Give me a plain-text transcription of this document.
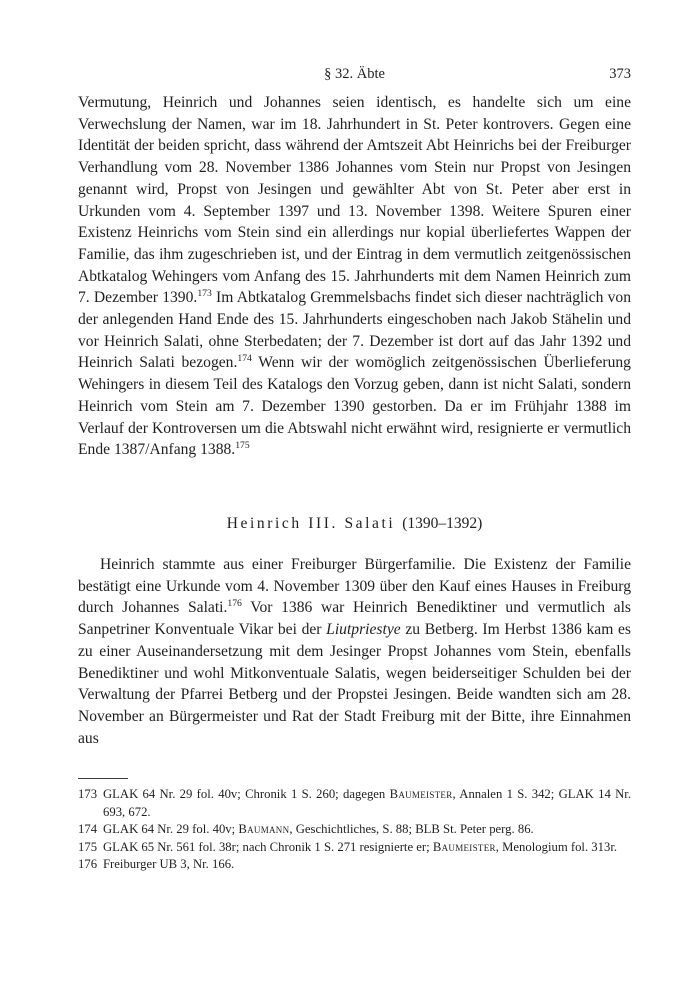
§ 32. Äbte	373

Vermutung, Heinrich und Johannes seien identisch, es handelte sich um eine Verwechslung der Namen, war im 18. Jahrhundert in St. Peter kontrovers. Gegen eine Identität der beiden spricht, dass während der Amtszeit Abt Heinrichs bei der Freiburger Verhandlung vom 28. November 1386 Johannes vom Stein nur Propst von Jesingen genannt wird, Propst von Jesingen und gewählter Abt von St. Peter aber erst in Urkunden vom 4. September 1397 und 13. November 1398. Weitere Spuren einer Existenz Heinrichs vom Stein sind ein allerdings nur kopial überliefertes Wappen der Familie, das ihm zugeschrieben ist, und der Eintrag in dem vermutlich zeitgenössischen Abtkatalog Wehingers vom Anfang des 15. Jahrhunderts mit dem Namen Heinrich zum 7. Dezember 1390.$^{173}$ Im Abtkatalog Gremmelsbachs findet sich dieser nachträglich von der anlegenden Hand Ende des 15. Jahrhunderts eingeschoben nach Jakob Stähelin und vor Heinrich Salati, ohne Sterbedaten; der 7. Dezember ist dort auf das Jahr 1392 und Heinrich Salati bezogen.$^{174}$ Wenn wir der womöglich zeitgenössischen Überlieferung Wehingers in diesem Teil des Katalogs den Vorzug geben, dann ist nicht Salati, sondern Heinrich vom Stein am 7. Dezember 1390 gestorben. Da er im Frühjahr 1388 im Verlauf der Kontroversen um die Abtswahl nicht erwähnt wird, resignierte er vermutlich Ende 1387/Anfang 1388.$^{175}$

Heinrich III. Salati (1390–1392)

Heinrich stammte aus einer Freiburger Bürgerfamilie. Die Existenz der Familie bestätigt eine Urkunde vom 4. November 1309 über den Kauf eines Hauses in Freiburg durch Johannes Salati.$^{176}$ Vor 1386 war Heinrich Benediktiner und vermutlich als Sanpetriner Konventuale Vikar bei der Liutpriestye zu Betberg. Im Herbst 1386 kam es zu einer Auseinandersetzung mit dem Jesinger Propst Johannes vom Stein, ebenfalls Benediktiner und wohl Mitkonventuale Salatis, wegen beiderseitiger Schulden bei der Verwaltung der Pfarrei Betberg und der Propstei Jesingen. Beide wandten sich am 28. November an Bürgermeister und Rat der Stadt Freiburg mit der Bitte, ihre Einnahmen aus

173 GLAK 64 Nr. 29 fol. 40v; Chronik 1 S. 260; dagegen Baumeister, Annalen 1 S. 342; GLAK 14 Nr. 693, 672.
174 GLAK 64 Nr. 29 fol. 40v; Baumann, Geschichtliches, S. 88; BLB St. Peter perg. 86.
175 GLAK 65 Nr. 561 fol. 38r; nach Chronik 1 S. 271 resignierte er; Baumeister, Menologium fol. 313r.
176 Freiburger UB 3, Nr. 166.
